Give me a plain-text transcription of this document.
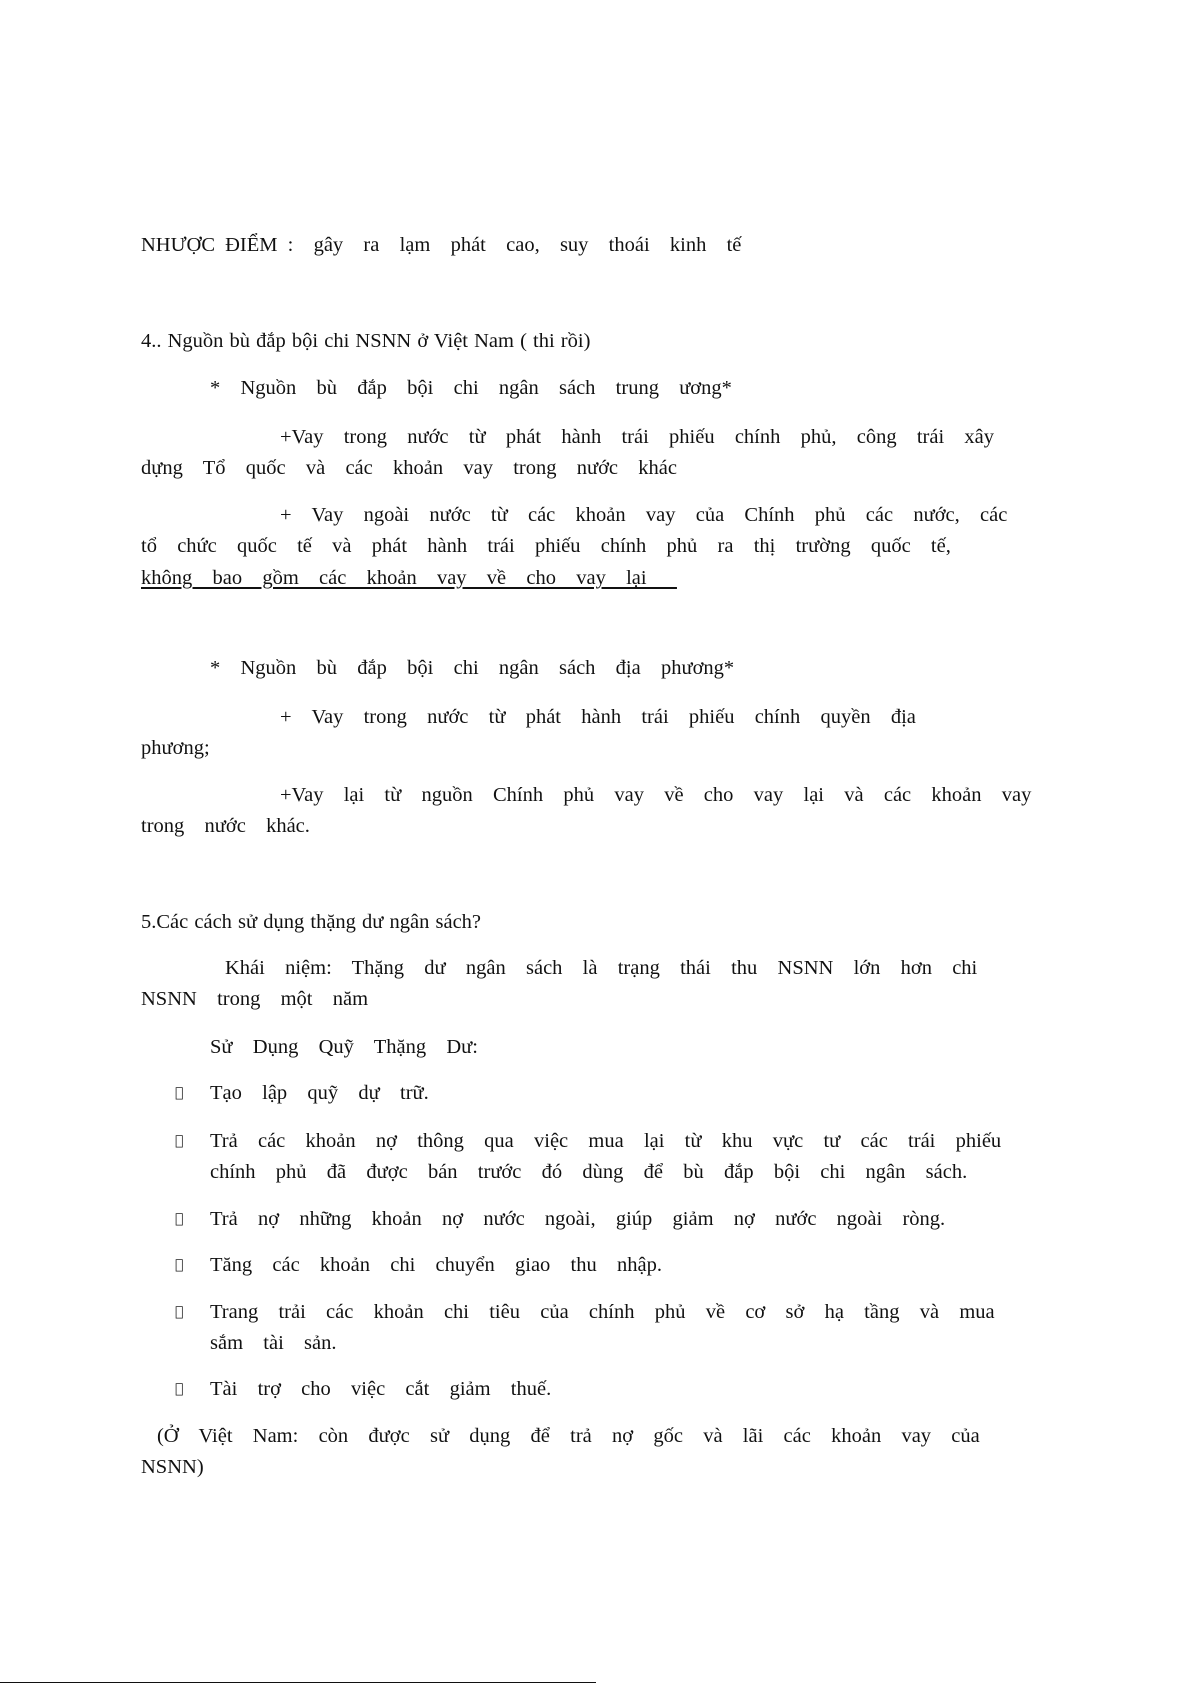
NHƯỢC ĐIỂM :  gây  ra  lạm  phát  cao,  suy  thoái  kinh  tế

4.. Nguồn bù đắp bội chi NSNN ở Việt Nam ( thi rồi)

*  Nguồn  bù  đắp  bội  chi  ngân  sách  trung  ương*

+Vay  trong  nước  từ  phát  hành  trái  phiếu  chính  phủ,  công  trái  xây

dựng  Tổ  quốc  và  các  khoản  vay  trong  nước  khác

+  Vay  ngoài  nước  từ  các  khoản  vay  của  Chính  phủ  các  nước,  các

tổ  chức  quốc  tế  và  phát  hành  trái  phiếu  chính  phủ  ra  thị  trường  quốc  tế,

không  bao  gồm  các  khoản  vay  về  cho  vay  lại

*  Nguồn  bù  đắp  bội  chi  ngân  sách  địa  phương*

+  Vay  trong  nước  từ  phát  hành  trái  phiếu  chính  quyền  địa

phương;

+Vay  lại  từ  nguồn  Chính  phủ  vay  về  cho  vay  lại  và  các  khoản  vay

trong  nước  khác.

5.Các cách sử dụng thặng dư ngân sách?

Khái  niệm:  Thặng  dư  ngân  sách  là  trạng  thái  thu  NSNN  lớn  hơn  chi

NSNN  trong  một  năm

Sử  Dụng  Quỹ  Thặng  Dư:

Tạo  lập  quỹ  dự  trữ.

Trả  các  khoản  nợ  thông  qua  việc  mua  lại  từ  khu  vực  tư  các  trái  phiếu

chính  phủ  đã  được  bán  trước  đó  dùng  để  bù  đắp  bội  chi  ngân  sách.

Trả  nợ  những  khoản  nợ  nước  ngoài,  giúp  giảm  nợ  nước  ngoài  ròng.

Tăng  các  khoản  chi  chuyển  giao  thu  nhập.

Trang  trải  các  khoản  chi  tiêu  của  chính  phủ  về  cơ  sở  hạ  tầng  và  mua

sắm  tài  sản.

Tài  trợ  cho  việc  cắt  giảm  thuế.

(Ở  Việt  Nam:  còn  được  sử  dụng  để  trả  nợ  gốc  và  lãi  các  khoản  vay  của

NSNN)
